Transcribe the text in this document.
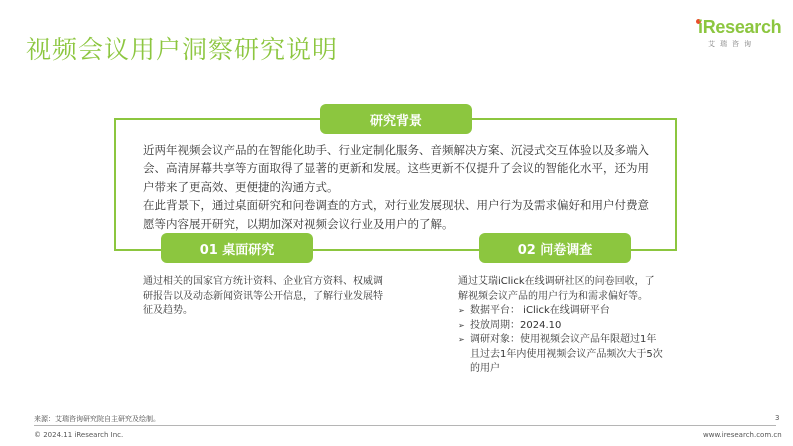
视频会议用户洞察研究说明
iResearch
艾瑞咨询
研究背景

近两年视频会议产品的在智能化助手、行业定制化服务、音频解决方案、沉浸式交互体验以及多端入会、高清屏幕共享等方面取得了显著的更新和发展。这些更新不仅提升了会议的智能化水平，还为用户带来了更高效、更便捷的沟通方式。

在此背景下，通过桌面研究和问卷调查的方式，对行业发展现状、用户行为及需求偏好和用户付费意愿等内容展开研究，以期加深对视频会议行业及用户的了解。

01 桌面研究	02 问卷调查
通过相关的国家官方统计资料、企业官方资料、权威调研报告以及动态新闻资讯等公开信息，了解行业发展特征及趋势。

通过艾瑞iClick在线调研社区的问卷回收，了解视频会议产品的用户行为和需求偏好等。

➢ 数据平台： iClick在线调研平台
➢ 投放周期：2024.10
➢ 调研对象：使用视频会议产品年限超过1年且过去1年内使用视频会议产品频次大于5次的用户
来源：艾瑞咨询研究院自主研究及绘制。	3
© 2024.11 iResearch Inc.	www.iresearch.com.cn
